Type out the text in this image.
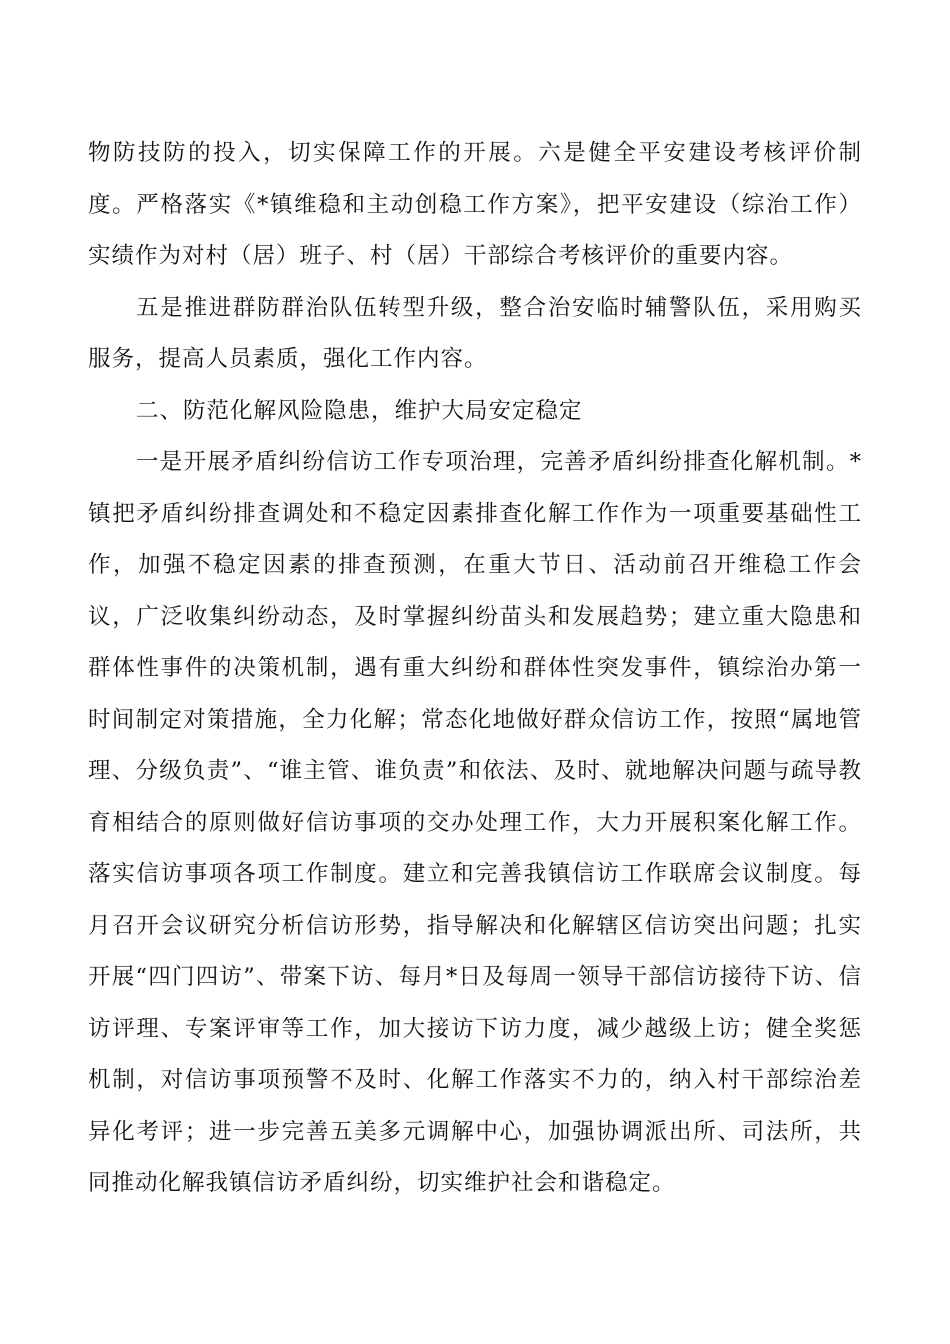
物防技防的投入，切实保障工作的开展。六是健全平安建设考核评价制度。严格落实《*镇维稳和主动创稳工作方案》，把平安建设（综治工作）实绩作为对村（居）班子、村（居）干部综合考核评价的重要内容。

五是推进群防群治队伍转型升级，整合治安临时辅警队伍，采用购买服务，提高人员素质，强化工作内容。

二、防范化解风险隐患，维护大局安定稳定

一是开展矛盾纠纷信访工作专项治理，完善矛盾纠纷排查化解机制。*镇把矛盾纠纷排查调处和不稳定因素排查化解工作作为一项重要基础性工作，加强不稳定因素的排查预测，在重大节日、活动前召开维稳工作会议，广泛收集纠纷动态，及时掌握纠纷苗头和发展趋势；建立重大隐患和群体性事件的决策机制，遇有重大纠纷和群体性突发事件，镇综治办第一时间制定对策措施，全力化解；常态化地做好群众信访工作，按照“属地管理、分级负责”、“谁主管、谁负责”和依法、及时、就地解决问题与疏导教育相结合的原则做好信访事项的交办处理工作，大力开展积案化解工作。落实信访事项各项工作制度。建立和完善我镇信访工作联席会议制度。每月召开会议研究分析信访形势，指导解决和化解辖区信访突出问题；扎实开展“四门四访”、带案下访、每月*日及每周一领导干部信访接待下访、信访评理、专案评审等工作，加大接访下访力度，减少越级上访；健全奖惩机制，对信访事项预警不及时、化解工作落实不力的，纳入村干部综治差异化考评；进一步完善五美多元调解中心，加强协调派出所、司法所，共同推动化解我镇信访矛盾纠纷，切实维护社会和谐稳定。
